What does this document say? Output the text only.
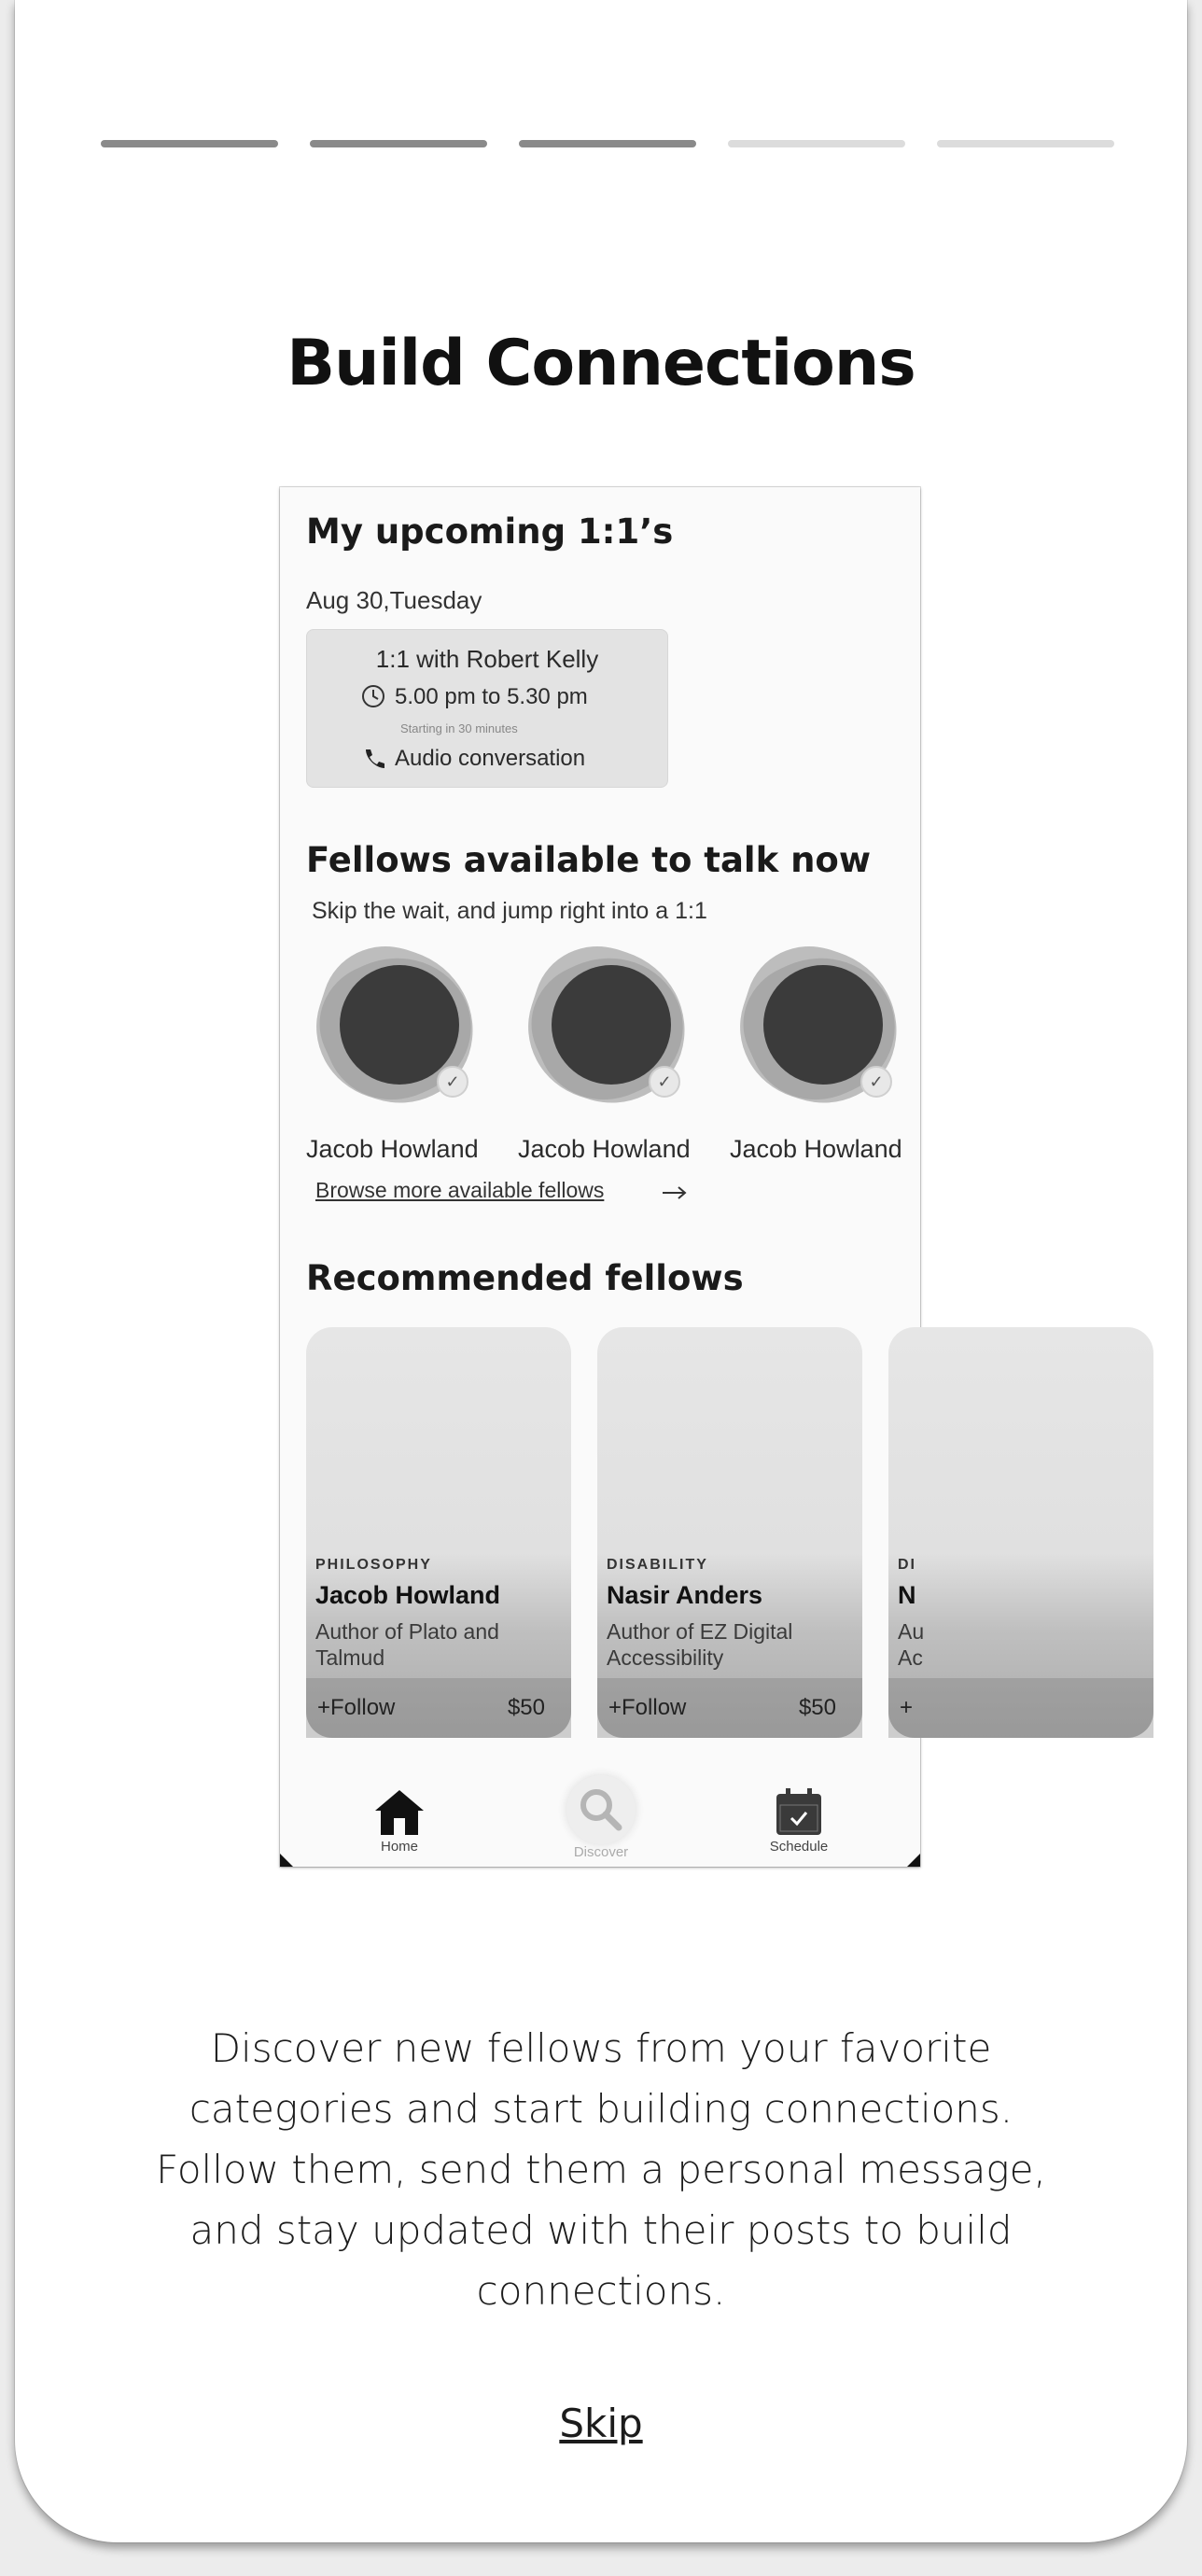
Build Connections
My upcoming 1:1’s
Aug 30,Tuesday
1:1 with Robert Kelly
5.00 pm to 5.30 pm
Starting in 30 minutes
Audio conversation
Fellows available to talk now
Skip the wait, and jump right into a 1:1
✓	✓	✓
Jacob Howland Jacob Howland Jacob Howland
Browse more available fellows
Recommended fellows
PHILOSOPHY
Jacob Howland
Author of Plato and Talmud
+Follow	$50
DISABILITY
Nasir Anders
Author of EZ Digital Accessibility
+Follow	$50
DI
N
Au Ac
+
Home	Discover	Schedule
Discover new fellows from your favorite categories and start building connections. Follow them, send them a personal message, and stay updated with their posts to build connections.
Skip
